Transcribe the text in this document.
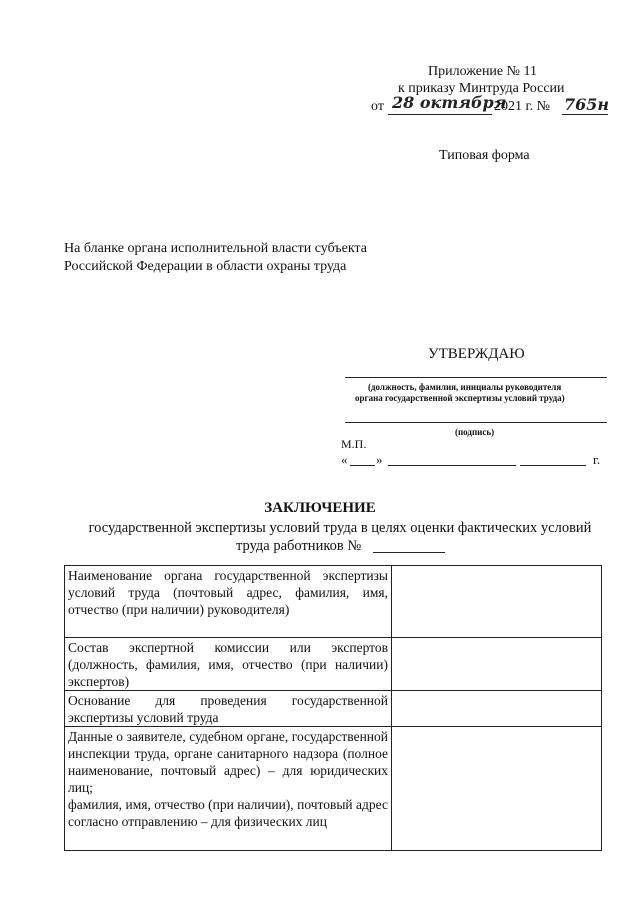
Приложение № 11
к приказу Минтруда России
от 28 октября
2021 г. № 765н
Типовая форма
На бланке органа исполнительной власти субъекта
Российской Федерации в области охраны труда
УТВЕРЖДАЮ
(должность, фамилия, инициалы руководителя
органа государственной экспертизы условий труда)
(подпись)
М.П.
« »	г.
ЗАКЛЮЧЕНИЕ
государственной экспертизы условий труда в целях оценки фактических условий
труда работников №
Наименование органа государственной экспертизы условий труда (почтовый адрес, фамилия, имя, отчество (при наличии) руководителя)	
Состав экспертной комиссии или экспертов (должность, фамилия, имя, отчество (при наличии) экспертов)	
Основание для проведения государственной экспертизы условий труда	

Данные о заявителе, судебном органе, государственной инспекции труда, органе санитарного надзора (полное наименование, почтовый адрес) – для юридических лиц;
фамилия, имя, отчество (при наличии), почтовый адрес согласно отправлению – для физических лиц	
